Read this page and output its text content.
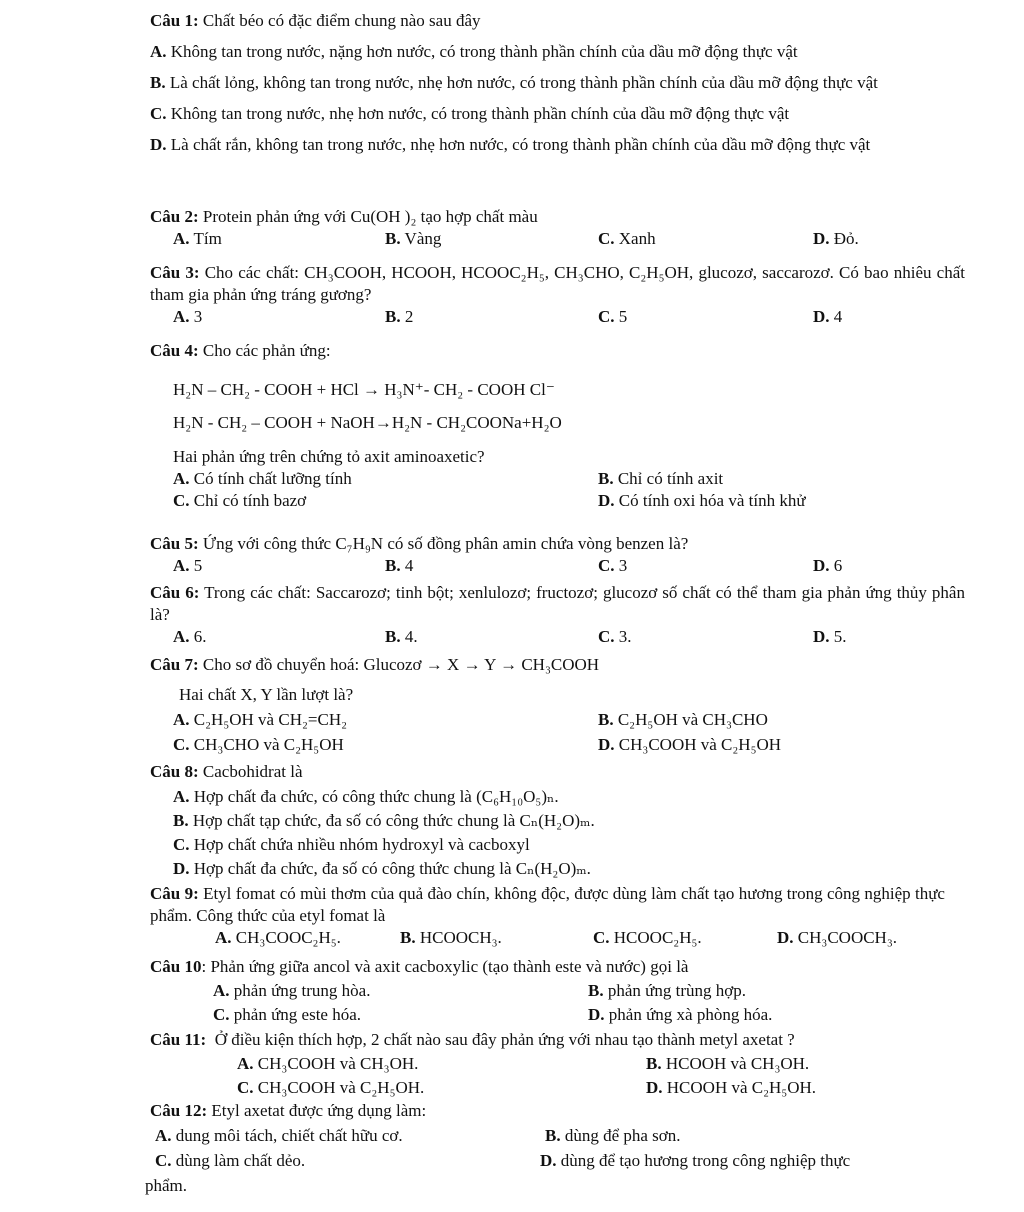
Câu 1: Chất béo có đặc điểm chung nào sau đây

A. Không tan trong nước, nặng hơn nước, có trong thành phần chính của dầu mỡ động thực vật

B. Là chất lỏng, không tan trong nước, nhẹ hơn nước, có trong thành phần chính của dầu mỡ động thực vật

C. Không tan trong nước, nhẹ hơn nước, có trong thành phần chính của dầu mỡ động thực vật

D. Là chất rắn, không tan trong nước, nhẹ hơn nước, có trong thành phần chính của dầu mỡ động thực vật

Câu 2: Protein phản ứng với Cu(OH )₂ tạo hợp chất màu

A. Tím	B. Vàng	C. Xanh	D. Đỏ.

Câu 3: Cho các chất: CH₃COOH, HCOOH, HCOOC₂H₅, CH₃CHO, C₂H₅OH, glucozơ, saccarozơ. Có bao nhiêu chất tham gia phản ứng tráng gương?

A. 3	B. 2	C. 5	D. 4

Câu 4: Cho các phản ứng:

H₂N – CH₂ - COOH + HCl → H₃N⁺- CH₂ - COOH Cl⁻

H₂N - CH₂ – COOH + NaOH→H₂N - CH₂COONa+H₂O

Hai phản ứng trên chứng tỏ axit aminoaxetic?

A. Có tính chất lưỡng tính	B. Chỉ có tính axit
C. Chỉ có tính bazơ	D. Có tính oxi hóa và tính khử

Câu 5: Ứng với công thức C₇H₉N có số đồng phân amin chứa vòng benzen là?

A. 5	B. 4	C. 3	D. 6

Câu 6: Trong các chất: Saccarozơ; tinh bột; xenlulozơ; fructozơ; glucozơ số chất có thể tham gia phản ứng thủy phân là?

A. 6.	B. 4.	C. 3.	D. 5.

Câu 7: Cho sơ đồ chuyển hoá: Glucozơ → X → Y → CH₃COOH

Hai chất X, Y lần lượt là?

A. C₂H₅OH và CH₂=CH₂	B. C₂H₅OH và CH₃CHO
C. CH₃CHO và C₂H₅OH	D. CH₃COOH và C₂H₅OH

Câu 8: Cacbohidrat là

A. Hợp chất đa chức, có công thức chung là (C₆H₁₀O₅)ₙ.

B. Hợp chất tạp chức, đa số có công thức chung là Cₙ(H₂O)ₘ.

C. Hợp chất chứa nhiều nhóm hydroxyl và cacboxyl

D. Hợp chất đa chức, đa số có công thức chung là Cₙ(H₂O)ₘ.

Câu 9: Etyl fomat có mùi thơm của quả đào chín, không độc, được dùng làm chất tạo hương trong công nghiệp thực phẩm. Công thức của etyl fomat là

A. CH₃COOC₂H₅.	B. HCOOCH₃.	C. HCOOC₂H₅.	D. CH₃COOCH₃.

Câu 10: Phản ứng giữa ancol và axit cacboxylic (tạo thành este và nước) gọi là

A. phản ứng trung hòa.	B. phản ứng trùng hợp.
C. phản ứng este hóa.	D. phản ứng xà phòng hóa.

Câu 11: Ở điều kiện thích hợp, 2 chất nào sau đây phản ứng với nhau tạo thành metyl axetat ?

A. CH₃COOH và CH₃OH.	B. HCOOH và CH₃OH.
C. CH₃COOH và C₂H₅OH.	D. HCOOH và C₂H₅OH.

Câu 12: Etyl axetat được ứng dụng làm:

A. dung môi tách, chiết chất hữu cơ.	B. dùng để pha sơn.
C. dùng làm chất dẻo.	D. dùng để tạo hương trong công nghiệp thực

phẩm.
